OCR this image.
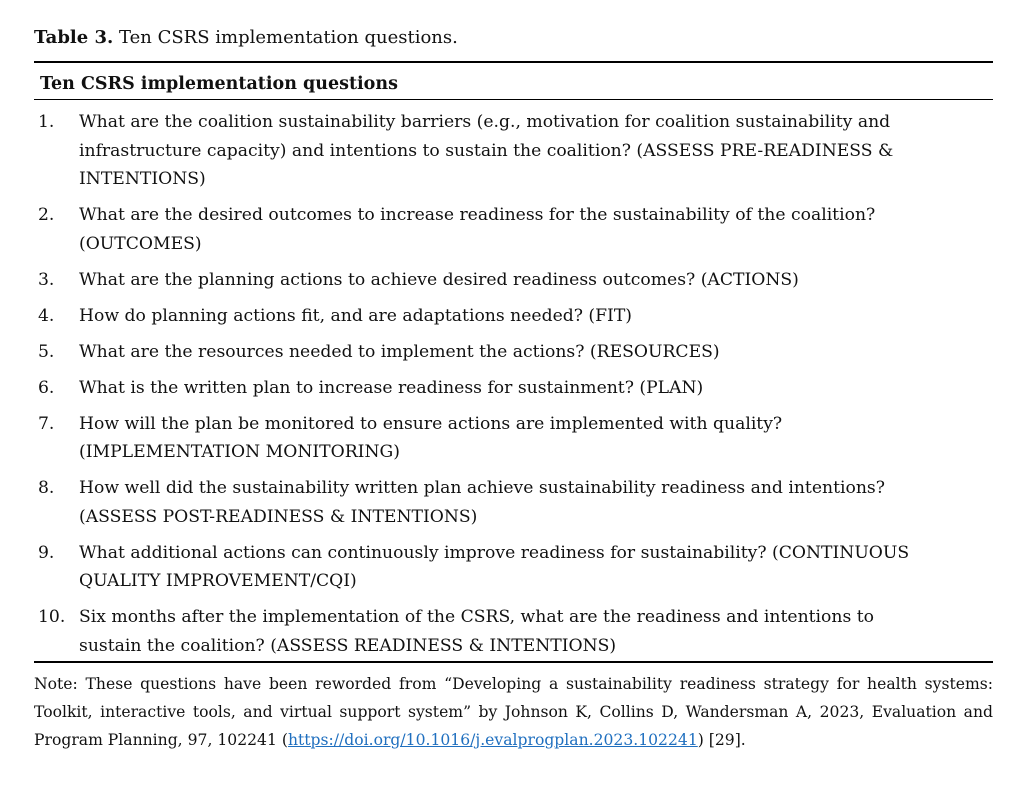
Table 3. Ten CSRS implementation questions.
Ten CSRS implementation questions
1.	What are the coalition sustainability barriers (e.g., motivation for coalition sustainability and infrastructure capacity) and intentions to sustain the coalition? (ASSESS PRE-READINESS & INTENTIONS)
2.	What are the desired outcomes to increase readiness for the sustainability of the coalition? (OUTCOMES)
3.	What are the planning actions to achieve desired readiness outcomes? (ACTIONS)
4.	How do planning actions fit, and are adaptations needed? (FIT)
5.	What are the resources needed to implement the actions? (RESOURCES)
6.	What is the written plan to increase readiness for sustainment? (PLAN)
7.	How will the plan be monitored to ensure actions are implemented with quality? (IMPLEMENTATION MONITORING)
8.	How well did the sustainability written plan achieve sustainability readiness and intentions? (ASSESS POST-READINESS & INTENTIONS)
9.	What additional actions can continuously improve readiness for sustainability? (CONTINUOUS QUALITY IMPROVEMENT/CQI)
10. Six months after the implementation of the CSRS, what are the readiness and intentions to sustain the coalition? (ASSESS READINESS & INTENTIONS)
Note: These questions have been reworded from “Developing a sustainability readiness strategy for health systems: Toolkit, interactive tools, and virtual support system” by Johnson K, Collins D, Wandersman A, 2023, Evaluation and Program Planning, 97, 102241 (https://doi.org/10.1016/j.evalprogplan.2023.102241) [29].
